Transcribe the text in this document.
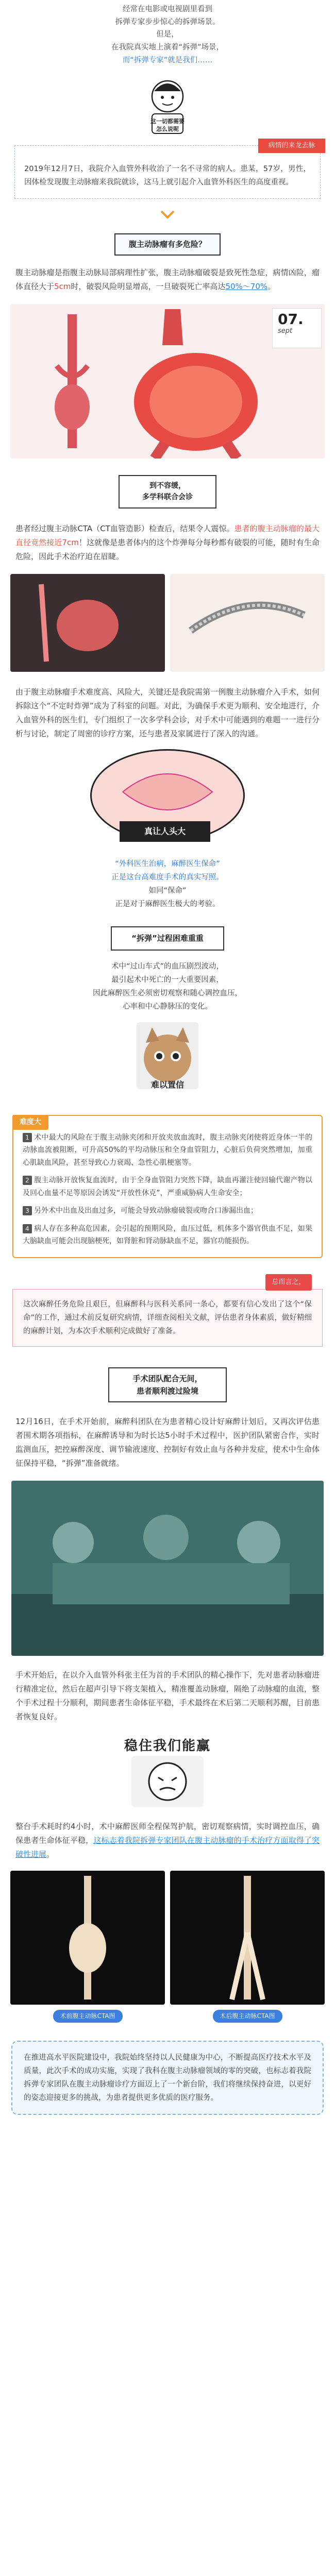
经常在电影或电视剧里看到
拆弹专家步步惊心的拆弹场景。
但是，
在我院真实地上演着“拆弹”场景，
而“拆弹专家”就是我们……
这一切都需要
怎么说呢
病情的来龙去脉
2019年12月7日，我院介入血管外科收治了一名不寻常的病人。患某，57岁，男性，因体检发现腹主动脉瘤来我院就诊，这马上就引起介入血管外科医生的高度重视。
腹主动脉瘤有多危险？
腹主动脉瘤是指腹主动脉局部病理性扩张，腹主动脉瘤破裂是致死性急症，病情凶险，瘤体直径大于5cm时，破裂风险明显增高，一旦破裂死亡率高达50%～70%。
07.
sept
到不容缓，
多学科联合会诊
患者经过腹主动脉CTA（CT血管造影）检查后，结果令人震惊。患者的腹主动脉瘤的最大直径竟然接近7cm！这就像是患者体内的这个炸弹每分每秒都有破裂的可能，随时有生命危险，因此手术治疗迫在眉睫。
由于腹主动脉瘤手术难度高、风险大，关键还是我院需第一例腹主动脉瘤介入手术，如何拆除这个“不定时炸弹”成为了科室的问题。对此，为确保手术更为顺利、安全地进行，介入血管外科的医生们，专门组织了一次多学科会诊，对手术中可能遇到的难题一一进行分析与讨论，制定了周密的诊疗方案，还与患者及家属进行了深入的沟通。
真让人头大
“外科医生治病，麻醉医生保命”
正是这台高难度手术的真实写照。
如同“保命”
正是对于麻醉医生极大的考验。
“拆弹”过程困难重重
术中“过山车式”的血压剧烈波动，
最引起术中死亡的一大重要因素，
因此麻醉医生必须密切观察和随心调控血压，
心率和中心静脉压的变化。
难以置信
难度大
1 术中最大的风险在于腹主动脉夹闭和开放夹放血流时，腹主动脉夹闭使将近身体一半的动脉血流被阻断，可升高50%的平均动脉压和全身血管阻力，心脏后负荷突然增加，加重心肌缺血风险，甚至导致心力衰竭、急性心肌梗塞等。
2 腹主动脉开放恢复血流时，由于全身血管阻力突然下降，缺血再灌注使回输代谢产物以及回心血量不足等原因会诱发“开放性休克”，严重威胁病人生命安全；
3 另外术中出血及出血过多，可能会导致动脉瘤破裂或吻合口渗漏出血；
4 病人存在多种高危因素，会引起的预期风险，血压过低，机体多个器官供血不足，如果大脑缺血可能会出现脑梗死，如肾脏和肾动脉缺血不足，器官功能损伤。
总而言之，
这次麻醉任务危险且艰巨，但麻醉科与医科关系同一条心，都要有信心发出了这个“保命”的工作，通过术前反复研究病情，详细查阅相关文献，评估患者身体素质，做好精细的麻醉计划，为本次手术顺利完成做好了准备。
手术团队配合无间，
患者顺利渡过险境
12月16日，在手术开始前，麻醉科团队在为患者精心设计好麻醉计划后，又再次评估患者围术期各项指标，在麻醉诱导和为时长达5小时手术过程中，医护团队紧密合作，实时监测血压，把控麻醉深度、调节输液速度、控制好有效止血与各种并发症，使术中生命体征保持平稳，“拆弹”准备就绪。
手术开始后，在以介入血管外科张主任为首的手术团队的精心操作下，先对患者动脉瘤进行精准定位，然后在超声引导下将支架植入，精准覆盖动脉瘤，隔绝了动脉瘤的血流，整个手术过程十分顺利，期间患者生命体征平稳，手术最终在术后第二天顺利苏醒，目前患者恢复良好。
稳住我们能赢
整台手术耗时约4小时，术中麻醉医师全程保驾护航，密切观察病情，实时调控血压，确保患者生命体征平稳，这标志着我院拆弹专家团队在腹主动脉瘤的手术治疗方面取得了突破性进展。
术前腹主动脉CTA图	术后腹主动脉CTA图
在推进高水平医院建设中，我院始终坚持以人民健康为中心，不断提高医疗技术水平及质量，此次手术的成功实施，实现了我科在腹主动脉瘤领域的零的突破，也标志着我院拆弹专家团队在腹主动脉瘤诊疗方面迈上了一个新台阶，我们将继续保持奋进，以更好的姿态迎接更多的挑战，为患者提供更多优质的医疗服务。
